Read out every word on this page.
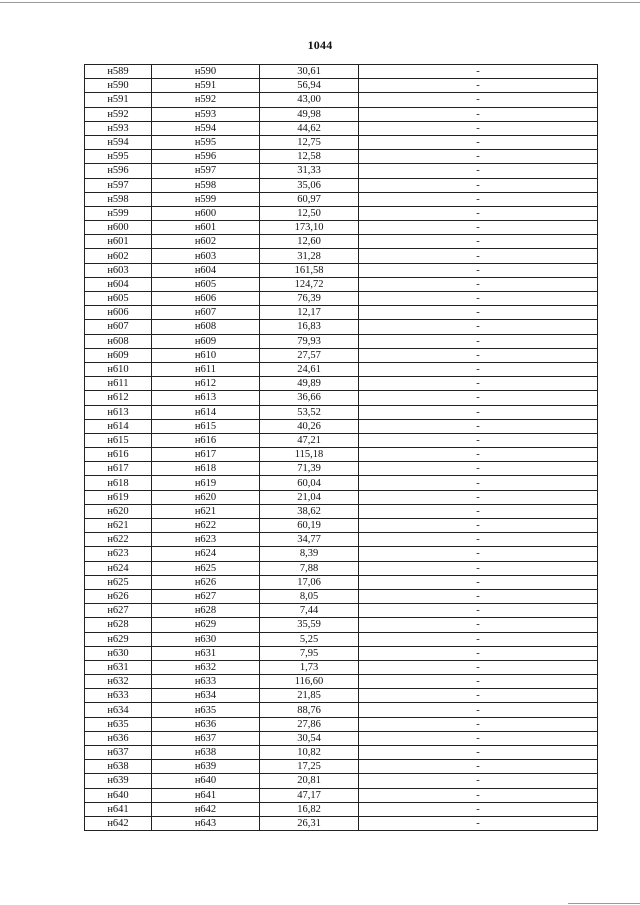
1044
н589	н590	30,61	-
н590	н591	56,94	-
н591	н592	43,00	-
н592	н593	49,98	-
н593	н594	44,62	-
н594	н595	12,75	-
н595	н596	12,58	-
н596	н597	31,33	-
н597	н598	35,06	-
н598	н599	60,97	-
н599	н600	12,50	-
н600	н601	173,10	-
н601	н602	12,60	-
н602	н603	31,28	-
н603	н604	161,58	-
н604	н605	124,72	-
н605	н606	76,39	-
н606	н607	12,17	-
н607	н608	16,83	-
н608	н609	79,93	-
н609	н610	27,57	-
н610	н611	24,61	-
н611	н612	49,89	-
н612	н613	36,66	-
н613	н614	53,52	-
н614	н615	40,26	-
н615	н616	47,21	-
н616	н617	115,18	-
н617	н618	71,39	-
н618	н619	60,04	-
н619	н620	21,04	-
н620	н621	38,62	-
н621	н622	60,19	-
н622	н623	34,77	-
н623	н624	8,39	-
н624	н625	7,88	-
н625	н626	17,06	-
н626	н627	8,05	-
н627	н628	7,44	-
н628	н629	35,59	-
н629	н630	5,25	-
н630	н631	7,95	-
н631	н632	1,73	-
н632	н633	116,60	-
н633	н634	21,85	-
н634	н635	88,76	-
н635	н636	27,86	-
н636	н637	30,54	-
н637	н638	10,82	-
н638	н639	17,25	-
н639	н640	20,81	-
н640	н641	47,17	-
н641	н642	16,82	-
н642	н643	26,31	-
